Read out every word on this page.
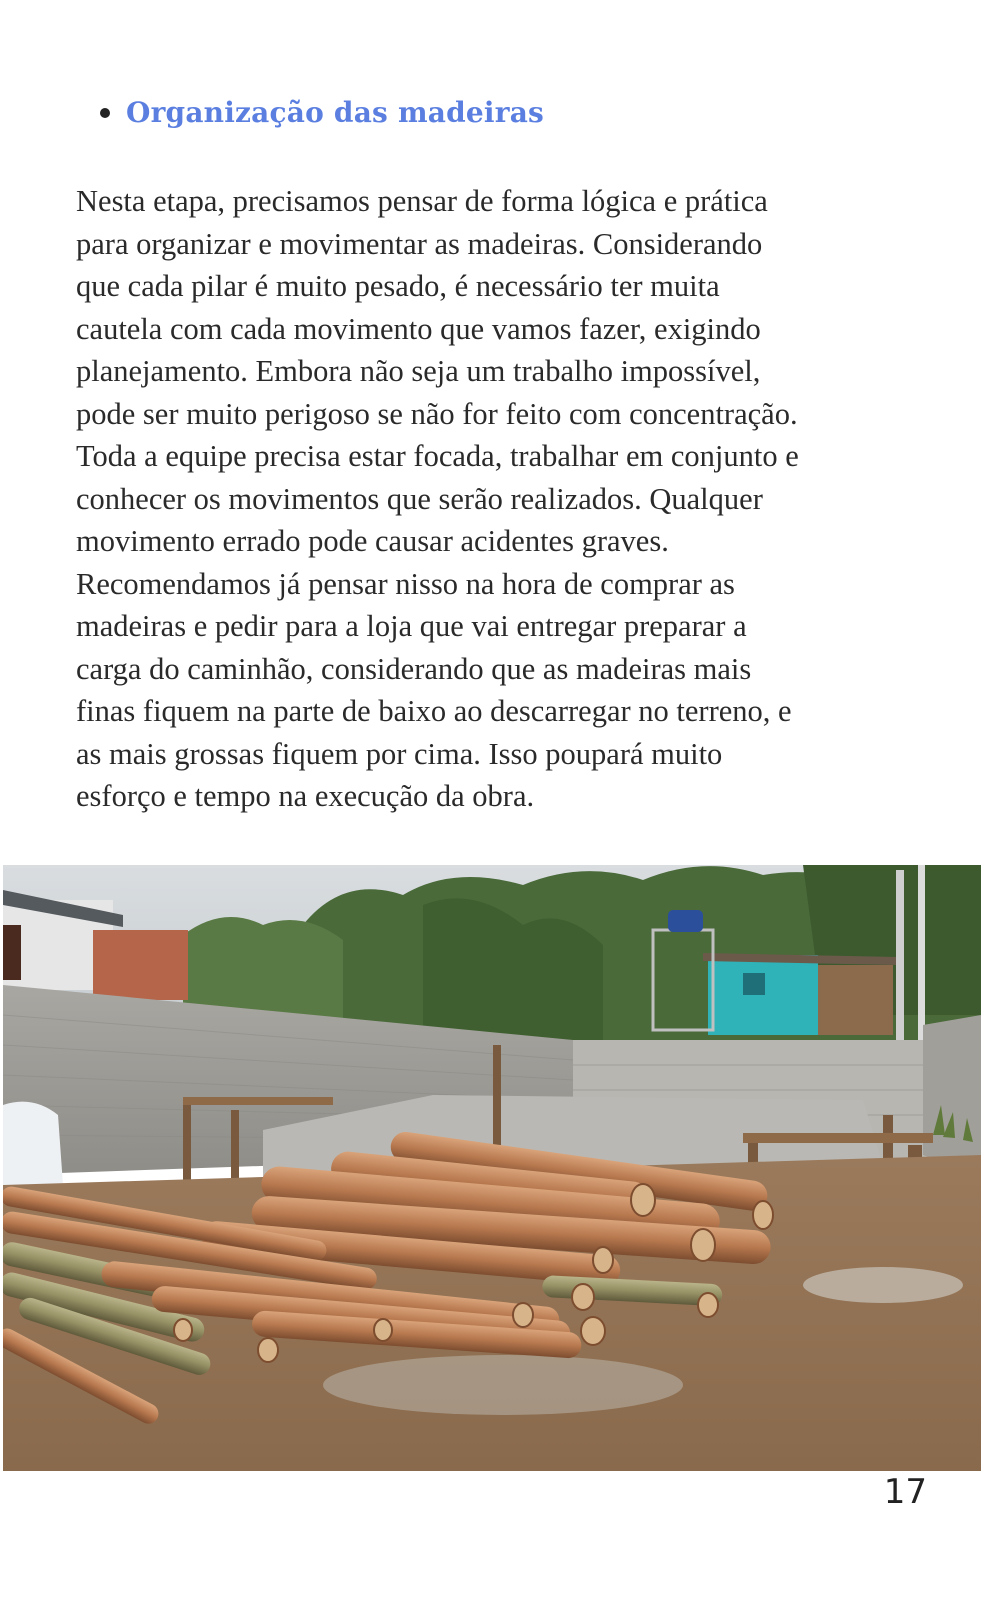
Organização das madeiras

Nesta etapa, precisamos pensar de forma lógica e prática
para organizar e movimentar as madeiras. Considerando
que cada pilar é muito pesado, é necessário ter muita
cautela com cada movimento que vamos fazer, exigindo
planejamento. Embora não seja um trabalho impossível,
pode ser muito perigoso se não for feito com concentração.
Toda a equipe precisa estar focada, trabalhar em conjunto e
conhecer os movimentos que serão realizados. Qualquer
movimento errado pode causar acidentes graves.
Recomendamos já pensar nisso na hora de comprar as
madeiras e pedir para a loja que vai entregar preparar a
carga do caminhão, considerando que as madeiras mais
finas fiquem na parte de baixo ao descarregar no terreno, e
as mais grossas fiquem por cima. Isso poupará muito
esforço e tempo na execução da obra.

17
